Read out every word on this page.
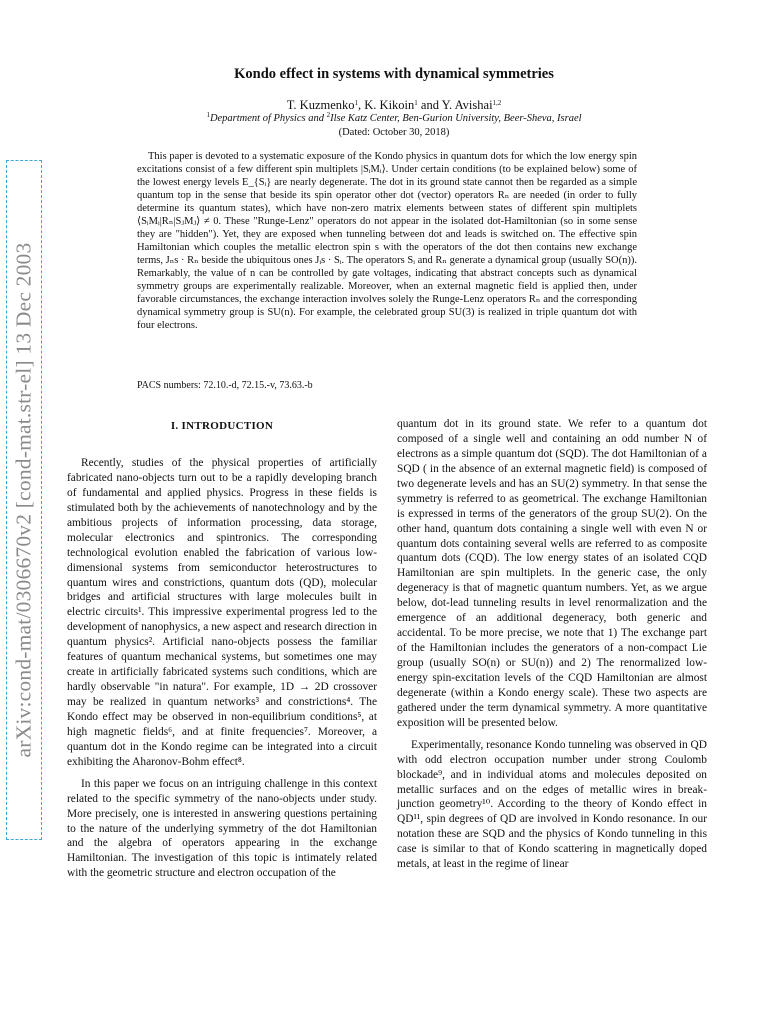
arXiv:cond-mat/0306670v2 [cond-mat.str-el] 13 Dec 2003
Kondo effect in systems with dynamical symmetries
T. Kuzmenko$^1$, K. Kikoin$^1$ and Y. Avishai$^{1,2}$
$^1$Department of Physics and $^2$Ilse Katz Center, Ben-Gurion University, Beer-Sheva, Israel
(Dated: October 30, 2018)

This paper is devoted to a systematic exposure of the Kondo physics in quantum dots for which the low energy spin excitations consist of a few different spin multiplets |SᵢMᵢ⟩. Under certain conditions (to be explained below) some of the lowest energy levels E_{Sᵢ} are nearly degenerate. The dot in its ground state cannot then be regarded as a simple quantum top in the sense that beside its spin operator other dot (vector) operators Rₙ are needed (in order to fully determine its quantum states), which have non-zero matrix elements between states of different spin multiplets ⟨SᵢMᵢ|Rₙ|SⱼMⱼ⟩ ≠ 0. These "Runge-Lenz" operators do not appear in the isolated dot-Hamiltonian (so in some sense they are "hidden"). Yet, they are exposed when tunneling between dot and leads is switched on. The effective spin Hamiltonian which couples the metallic electron spin s with the operators of the dot then contains new exchange terms, Jₙs · Rₙ beside the ubiquitous ones Jᵢs · Sᵢ. The operators Sᵢ and Rₙ generate a dynamical group (usually SO(n)). Remarkably, the value of n can be controlled by gate voltages, indicating that abstract concepts such as dynamical symmetry groups are experimentally realizable. Moreover, when an external magnetic field is applied then, under favorable circumstances, the exchange interaction involves solely the Runge-Lenz operators Rₙ and the corresponding dynamical symmetry group is SU(n). For example, the celebrated group SU(3) is realized in triple quantum dot with four electrons.

PACS numbers: 72.10.-d, 72.15.-v, 73.63.-b

I. INTRODUCTION

Recently, studies of the physical properties of artificially fabricated nano-objects turn out to be a rapidly developing branch of fundamental and applied physics. Progress in these fields is stimulated both by the achievements of nanotechnology and by the ambitious projects of information processing, data storage, molecular electronics and spintronics. The corresponding technological evolution enabled the fabrication of various low-dimensional systems from semiconductor heterostructures to quantum wires and constrictions, quantum dots (QD), molecular bridges and artificial structures with large molecules built in electric circuits¹. This impressive experimental progress led to the development of nanophysics, a new aspect and research direction in quantum physics². Artificial nano-objects possess the familiar features of quantum mechanical systems, but sometimes one may create in artificially fabricated systems such conditions, which are hardly observable "in natura". For example, 1D → 2D crossover may be realized in quantum networks³ and constrictions⁴. The Kondo effect may be observed in non-equilibrium conditions⁵, at high magnetic fields⁶, and at finite frequencies⁷. Moreover, a quantum dot in the Kondo regime can be integrated into a circuit exhibiting the Aharonov-Bohm effect⁸.

In this paper we focus on an intriguing challenge in this context related to the specific symmetry of the nano-objects under study. More precisely, one is interested in answering questions pertaining to the nature of the underlying symmetry of the dot Hamiltonian and the algebra of operators appearing in the exchange Hamiltonian. The investigation of this topic is intimately related with the geometric structure and electron occupation of the

quantum dot in its ground state. We refer to a quantum dot composed of a single well and containing an odd number N of electrons as a simple quantum dot (SQD). The dot Hamiltonian of a SQD ( in the absence of an external magnetic field) is composed of two degenerate levels and has an SU(2) symmetry. In that sense the symmetry is referred to as geometrical. The exchange Hamiltonian is expressed in terms of the generators of the group SU(2). On the other hand, quantum dots containing a single well with even N or quantum dots containing several wells are referred to as composite quantum dots (CQD). The low energy states of an isolated CQD Hamiltonian are spin multiplets. In the generic case, the only degeneracy is that of magnetic quantum numbers. Yet, as we argue below, dot-lead tunneling results in level renormalization and the emergence of an additional degeneracy, both generic and accidental. To be more precise, we note that 1) The exchange part of the Hamiltonian includes the generators of a non-compact Lie group (usually SO(n) or SU(n)) and 2) The renormalized low-energy spin-excitation levels of the CQD Hamiltonian are almost degenerate (within a Kondo energy scale). These two aspects are gathered under the term dynamical symmetry. A more quantitative exposition will be presented below.

Experimentally, resonance Kondo tunneling was observed in QD with odd electron occupation number under strong Coulomb blockade⁹, and in individual atoms and molecules deposited on metallic surfaces and on the edges of metallic wires in break-junction geometry¹⁰. According to the theory of Kondo effect in QD¹¹, spin degrees of QD are involved in Kondo resonance. In our notation these are SQD and the physics of Kondo tunneling in this case is similar to that of Kondo scattering in magnetically doped metals, at least in the regime of linear
